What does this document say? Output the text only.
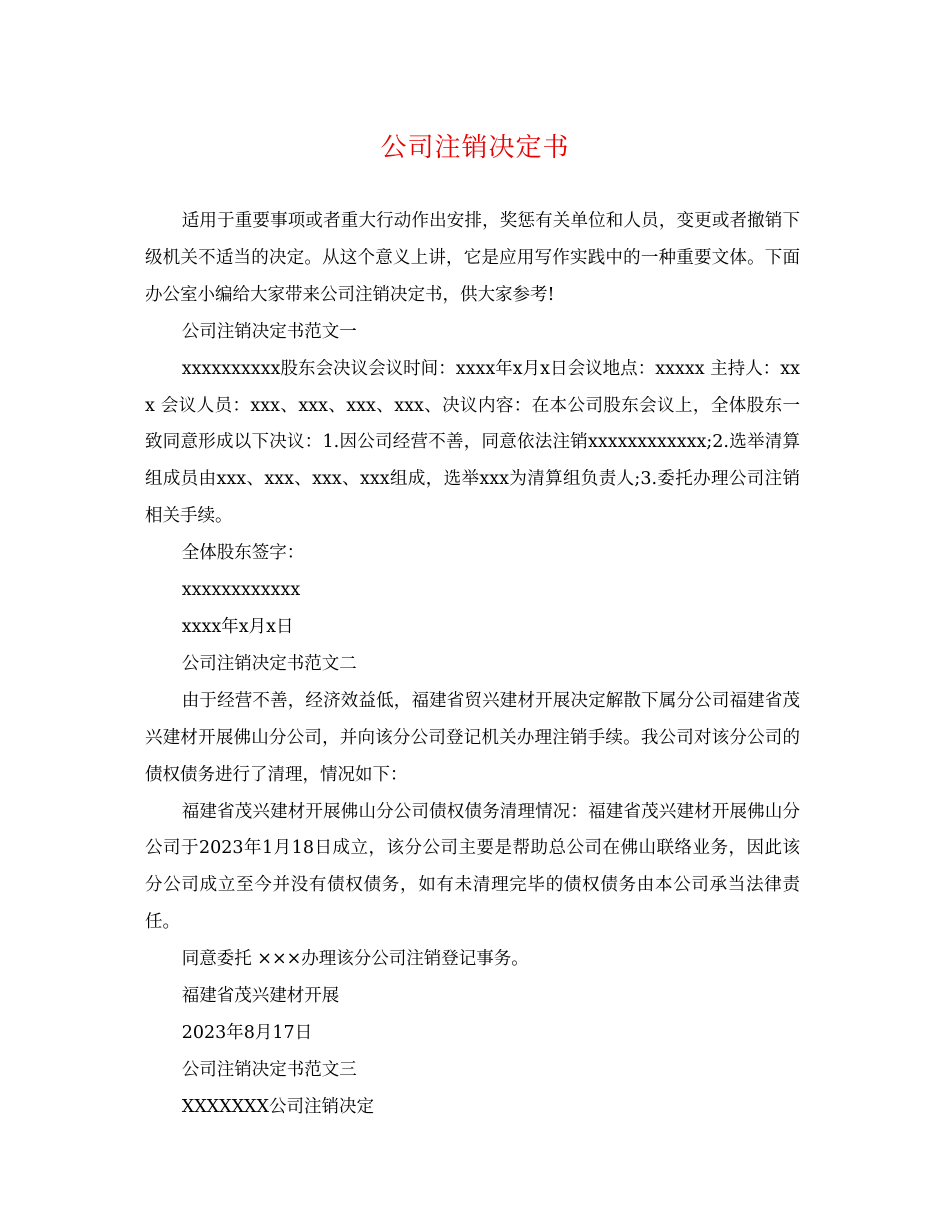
公司注销决定书

适用于重要事项或者重大行动作出安排，奖惩有关单位和人员，变更或者撤销下级机关不适当的决定。从这个意义上讲，它是应用写作实践中的一种重要文体。下面办公室小编给大家带来公司注销决定书，供大家参考!

公司注销决定书范文一

xxxxxxxxxx股东会决议会议时间：xxxx年x月x日会议地点：xxxxx 主持人：xxx 会议人员：xxx、xxx、xxx、xxx、决议内容：在本公司股东会议上，全体股东一致同意形成以下决议：1.因公司经营不善，同意依法注销xxxxxxxxxxxx;2.选举清算组成员由xxx、xxx、xxx、xxx组成，选举xxx为清算组负责人;3.委托办理公司注销相关手续。

全体股东签字：

xxxxxxxxxxxx

xxxx年x月x日

公司注销决定书范文二

由于经营不善，经济效益低，福建省贸兴建材开展决定解散下属分公司福建省茂兴建材开展佛山分公司，并向该分公司登记机关办理注销手续。我公司对该分公司的债权债务进行了清理，情况如下：

福建省茂兴建材开展佛山分公司债权债务清理情况：福建省茂兴建材开展佛山分公司于2023年1月18日成立，该分公司主要是帮助总公司在佛山联络业务，因此该分公司成立至今并没有债权债务，如有未清理完毕的债权债务由本公司承当法律责任。

同意委托 ×××办理该分公司注销登记事务。

福建省茂兴建材开展

2023年8月17日

公司注销决定书范文三

XXXXXXX公司注销决定
